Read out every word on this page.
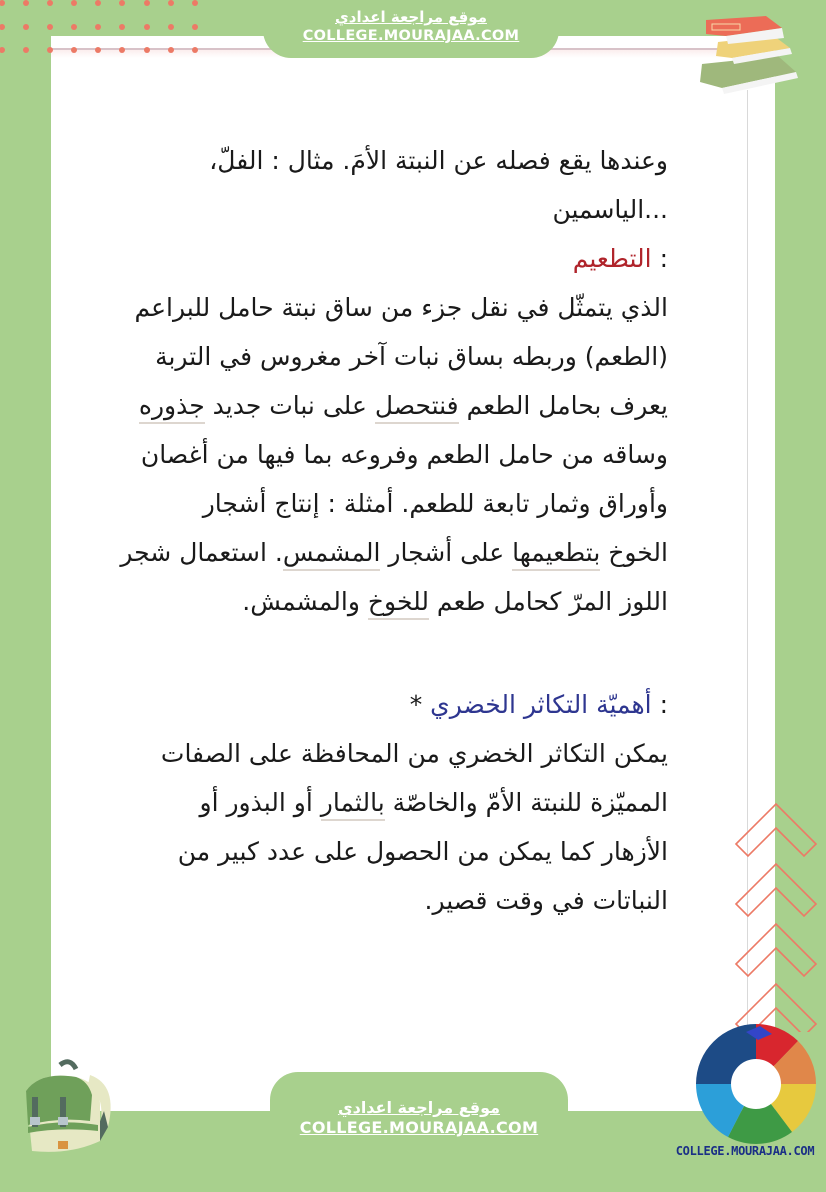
موقع مراجعة اعدادي
COLLEGE.MOURAJAA.COM
وعندها يقع فصله عن النبتة الأمَ. مثال : الفلّ،
...الياسمين
: التطعيم
الذي يتمثّل في نقل جزء من ساق نبتة حامل للبراعم
(الطعم) وربطه بساق نبات آخر مغروس في التربة
يعرف بحامل الطعم فنتحصل على نبات جديد جذوره
وساقه من حامل الطعم وفروعه بما فيها من أغصان
وأوراق وثمار تابعة للطعم. أمثلة : إنتاج أشجار
الخوخ بتطعيمها على أشجار المشمس. استعمال شجر
اللوز المرّ كحامل طعم للخوخ والمشمش.
: أهميّة التكاثر الخضري *
يمكن التكاثر الخضري من المحافظة على الصفات
المميّزة للنبتة الأمّ والخاصّة بالثمار أو البذور أو
الأزهار كما يمكن من الحصول على عدد كبير من
النباتات في وقت قصير.
COLLEGE.MOURAJAA.COM
موقع مراجعة اعدادي
COLLEGE.MOURAJAA.COM
